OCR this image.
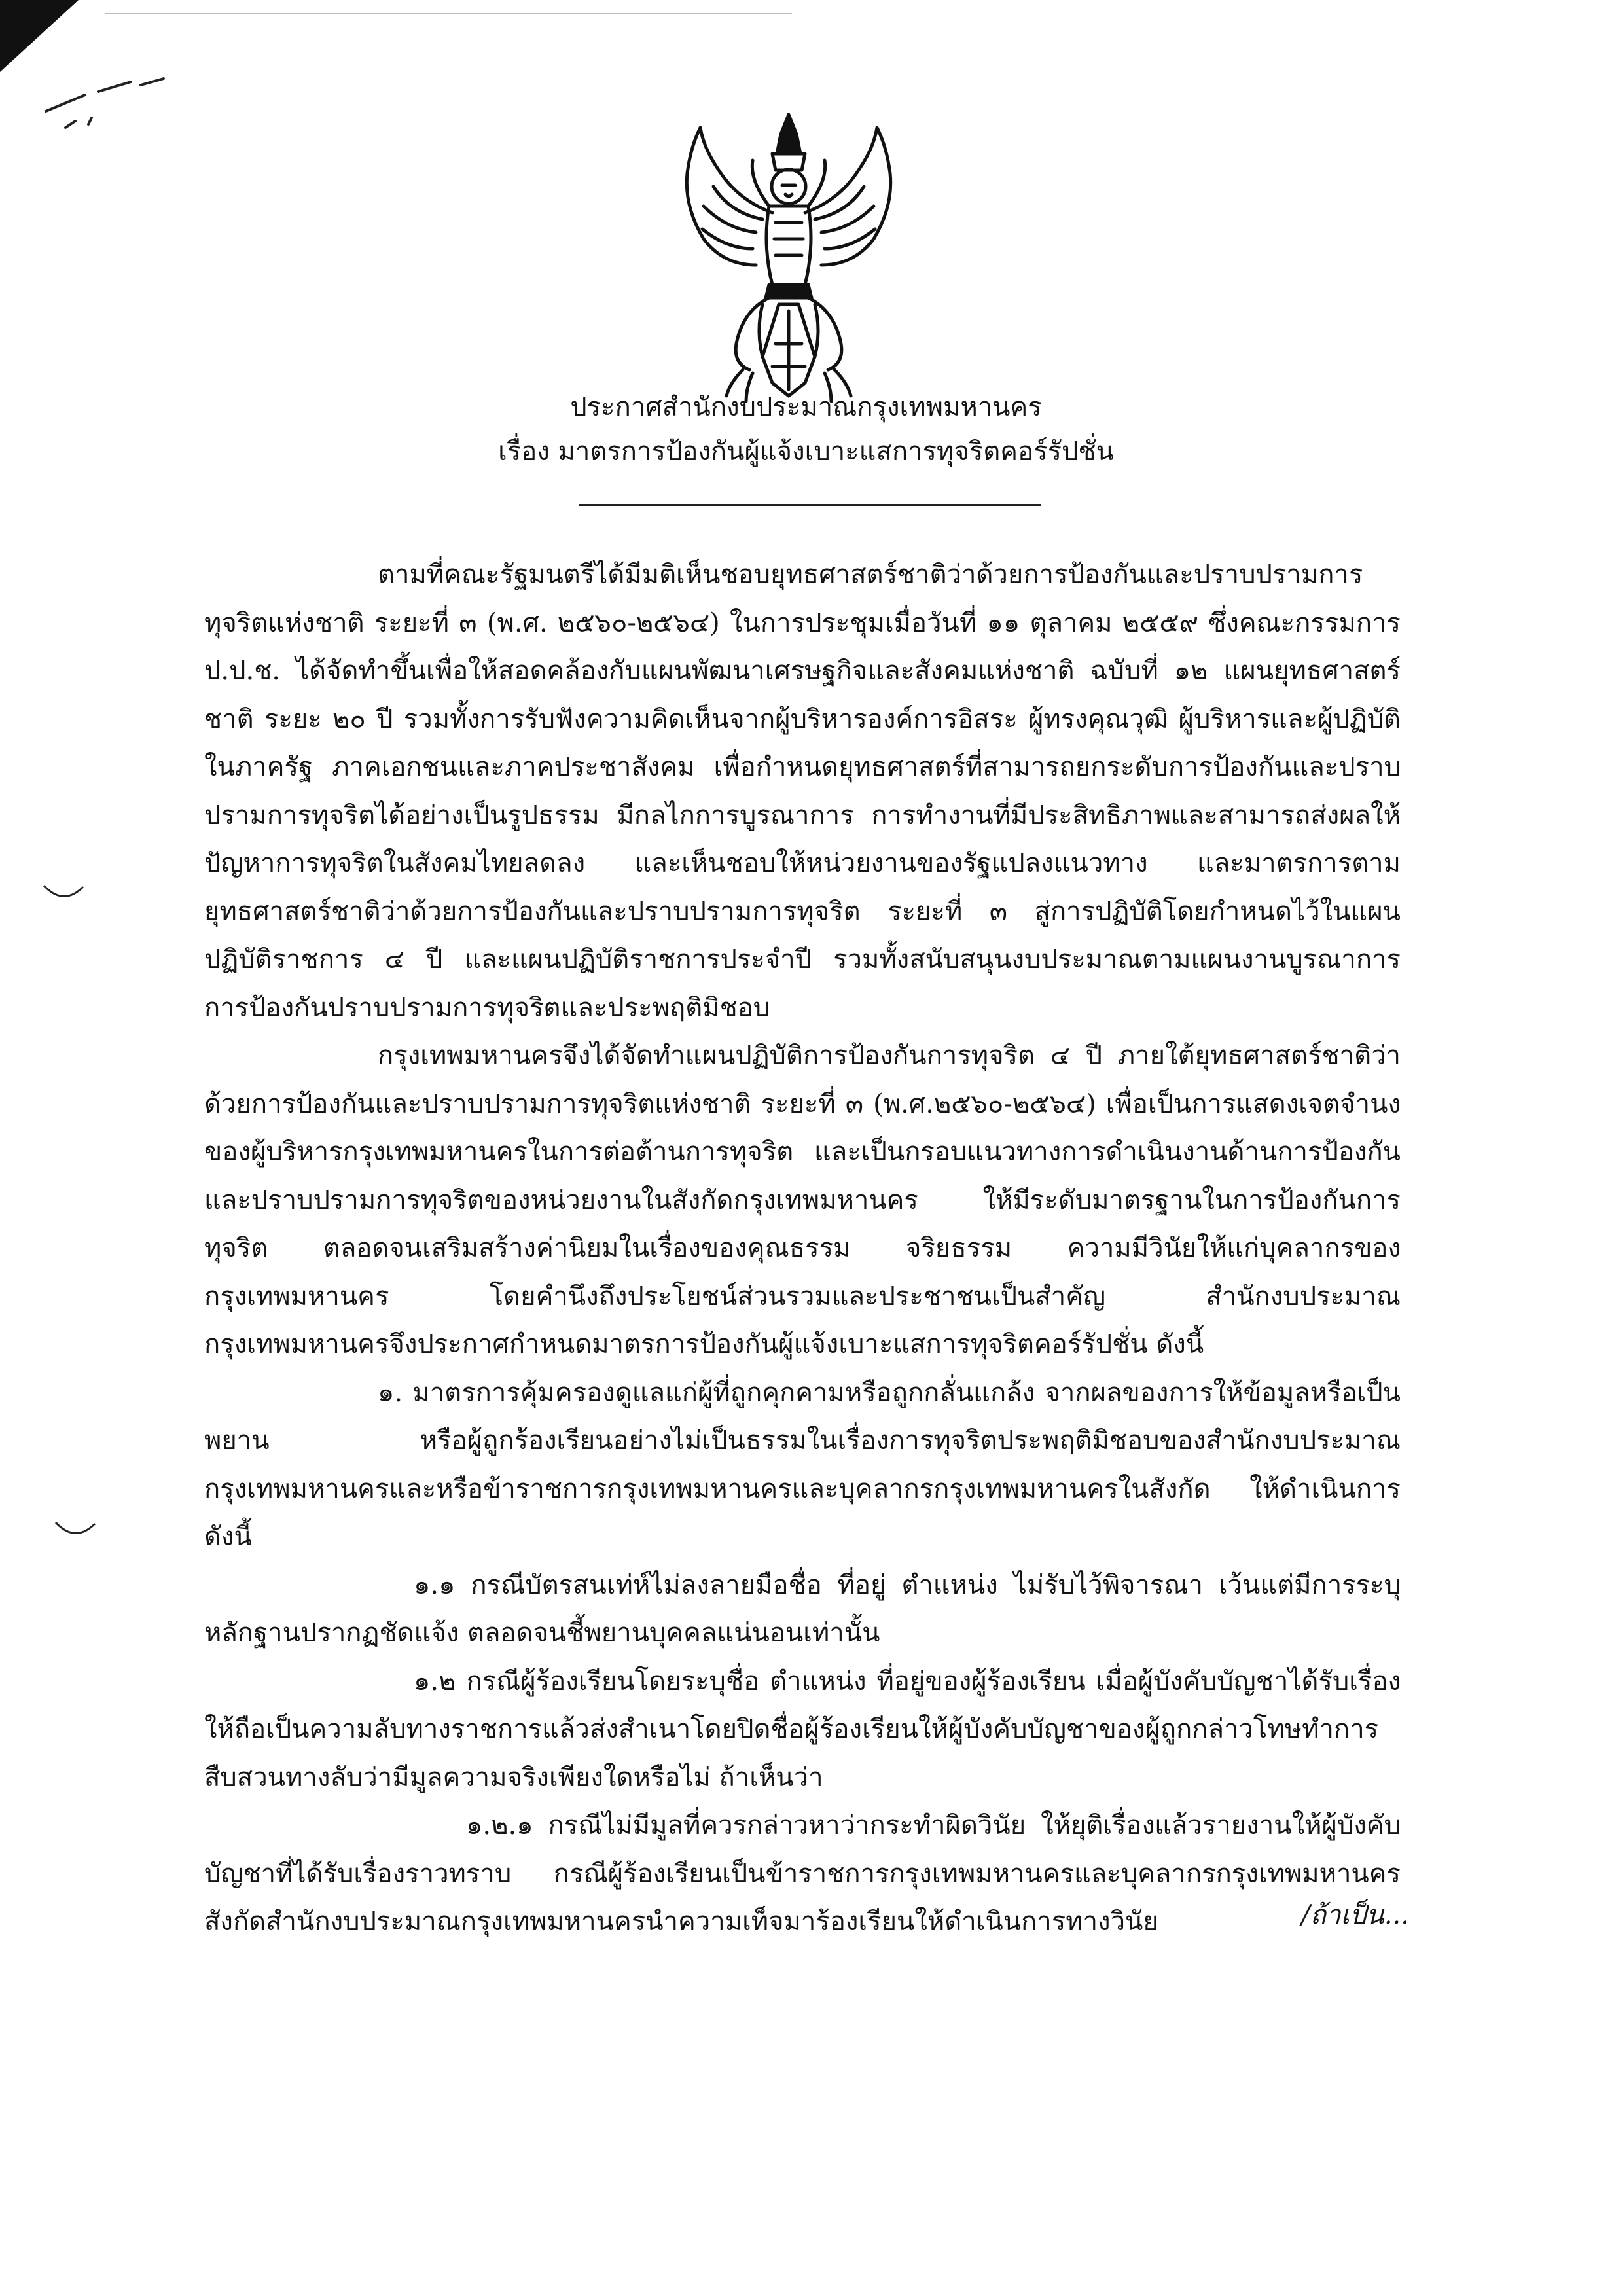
ประกาศสำนักงบประมาณกรุงเทพมหานคร
เรื่อง มาตรการป้องกันผู้แจ้งเบาะแสการทุจริตคอร์รัปชั่น

ตามที่คณะรัฐมนตรีได้มีมติเห็นชอบยุทธศาสตร์ชาติว่าด้วยการป้องกันและปราบปรามการทุจริตแห่งชาติ ระยะที่ ๓ (พ.ศ. ๒๕๖๐-๒๕๖๔) ในการประชุมเมื่อวันที่ ๑๑ ตุลาคม ๒๕๕๙ ซึ่งคณะกรรมการ ป.ป.ช. ได้จัดทำขึ้นเพื่อให้สอดคล้องกับแผนพัฒนาเศรษฐกิจและสังคมแห่งชาติ ฉบับที่ ๑๒ แผนยุทธศาสตร์ชาติ ระยะ ๒๐ ปี รวมทั้งการรับฟังความคิดเห็นจากผู้บริหารองค์การอิสระ ผู้ทรงคุณวุฒิ ผู้บริหารและผู้ปฏิบัติในภาครัฐ ภาคเอกชนและภาคประชาสังคม เพื่อกำหนดยุทธศาสตร์ที่สามารถยกระดับการป้องกันและปราบปรามการทุจริตได้อย่างเป็นรูปธรรม มีกลไกการบูรณาการ การทำงานที่มีประสิทธิภาพและสามารถส่งผลให้ปัญหาการทุจริตในสังคมไทยลดลง และเห็นชอบให้หน่วยงานของรัฐแปลงแนวทาง และมาตรการตามยุทธศาสตร์ชาติว่าด้วยการป้องกันและปราบปรามการทุจริต ระยะที่ ๓ สู่การปฏิบัติโดยกำหนดไว้ในแผนปฏิบัติราชการ ๔ ปี และแผนปฏิบัติราชการประจำปี รวมทั้งสนับสนุนงบประมาณตามแผนงานบูรณาการ การป้องกันปราบปรามการทุจริตและประพฤติมิชอบ

กรุงเทพมหานครจึงได้จัดทำแผนปฏิบัติการป้องกันการทุจริต ๔ ปี ภายใต้ยุทธศาสตร์ชาติว่าด้วยการป้องกันและปราบปรามการทุจริตแห่งชาติ ระยะที่ ๓ (พ.ศ.๒๕๖๐-๒๕๖๔) เพื่อเป็นการแสดงเจตจำนงของผู้บริหารกรุงเทพมหานครในการต่อต้านการทุจริต และเป็นกรอบแนวทางการดำเนินงานด้านการป้องกันและปราบปรามการทุจริตของหน่วยงานในสังกัดกรุงเทพมหานคร ให้มีระดับมาตรฐานในการป้องกันการทุจริต ตลอดจนเสริมสร้างค่านิยมในเรื่องของคุณธรรม จริยธรรม ความมีวินัยให้แก่บุคลากรของกรุงเทพมหานคร โดยคำนึงถึงประโยชน์ส่วนรวมและประชาชนเป็นสำคัญ สำนักงบประมาณกรุงเทพมหานครจึงประกาศกำหนดมาตรการป้องกันผู้แจ้งเบาะแสการทุจริตคอร์รัปชั่น ดังนี้

๑. มาตรการคุ้มครองดูแลแก่ผู้ที่ถูกคุกคามหรือถูกกลั่นแกล้ง จากผลของการให้ข้อมูลหรือเป็นพยาน หรือผู้ถูกร้องเรียนอย่างไม่เป็นธรรมในเรื่องการทุจริตประพฤติมิชอบของสำนักงบประมาณกรุงเทพมหานครและหรือข้าราชการกรุงเทพมหานครและบุคลากรกรุงเทพมหานครในสังกัด ให้ดำเนินการ ดังนี้

๑.๑ กรณีบัตรสนเท่ห์ไม่ลงลายมือชื่อ ที่อยู่ ตำแหน่ง ไม่รับไว้พิจารณา เว้นแต่มีการระบุหลักฐานปรากฏชัดแจ้ง ตลอดจนชี้พยานบุคคลแน่นอนเท่านั้น

๑.๒ กรณีผู้ร้องเรียนโดยระบุชื่อ ตำแหน่ง ที่อยู่ของผู้ร้องเรียน เมื่อผู้บังคับบัญชาได้รับเรื่องให้ถือเป็นความลับทางราชการแล้วส่งสำเนาโดยปิดชื่อผู้ร้องเรียนให้ผู้บังคับบัญชาของผู้ถูกกล่าวโทษทำการสืบสวนทางลับว่ามีมูลความจริงเพียงใดหรือไม่ ถ้าเห็นว่า

๑.๒.๑ กรณีไม่มีมูลที่ควรกล่าวหาว่ากระทำผิดวินัย ให้ยุติเรื่องแล้วรายงานให้ผู้บังคับบัญชาที่ได้รับเรื่องราวทราบ กรณีผู้ร้องเรียนเป็นข้าราชการกรุงเทพมหานครและบุคลากรกรุงเทพมหานครสังกัดสำนักงบประมาณกรุงเทพมหานครนำความเท็จมาร้องเรียนให้ดำเนินการทางวินัย	/ถ้าเป็น...
